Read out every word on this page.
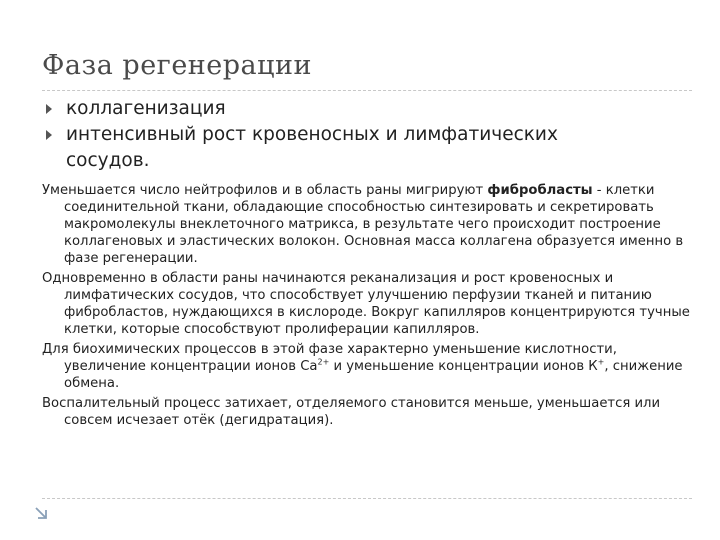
Фаза регенерации
коллагенизация
интенсивный рост кровеносных и лимфатических
сосудов.

Уменьшается число нейтрофилов и в область раны мигрируют фибробласты - клетки соединительной ткани, обладающие способностью синтезировать и секретировать макромолекулы внеклеточного матрикса, в результате чего происходит построение коллагеновых и эластических волокон. Основная масса коллагена образуется именно в фазе регенерации.

Одновременно в области раны начинаются реканализация и рост кровеносных и лимфатических сосудов, что способствует улучшению перфузии тканей и питанию фибробластов, нуждающихся в кислороде. Вокруг капилляров концентрируются тучные клетки, которые способствуют пролиферации капилляров.

Для биохимических процессов в этой фазе характерно уменьшение кислотности, увеличение концентрации ионов $Са^{2+}$ и уменьшение концентрации ионов К+, снижение обмена.

Воспалительный процесс затихает, отделяемого становится меньше, уменьшается или совсем исчезает отёк (дегидратация).
